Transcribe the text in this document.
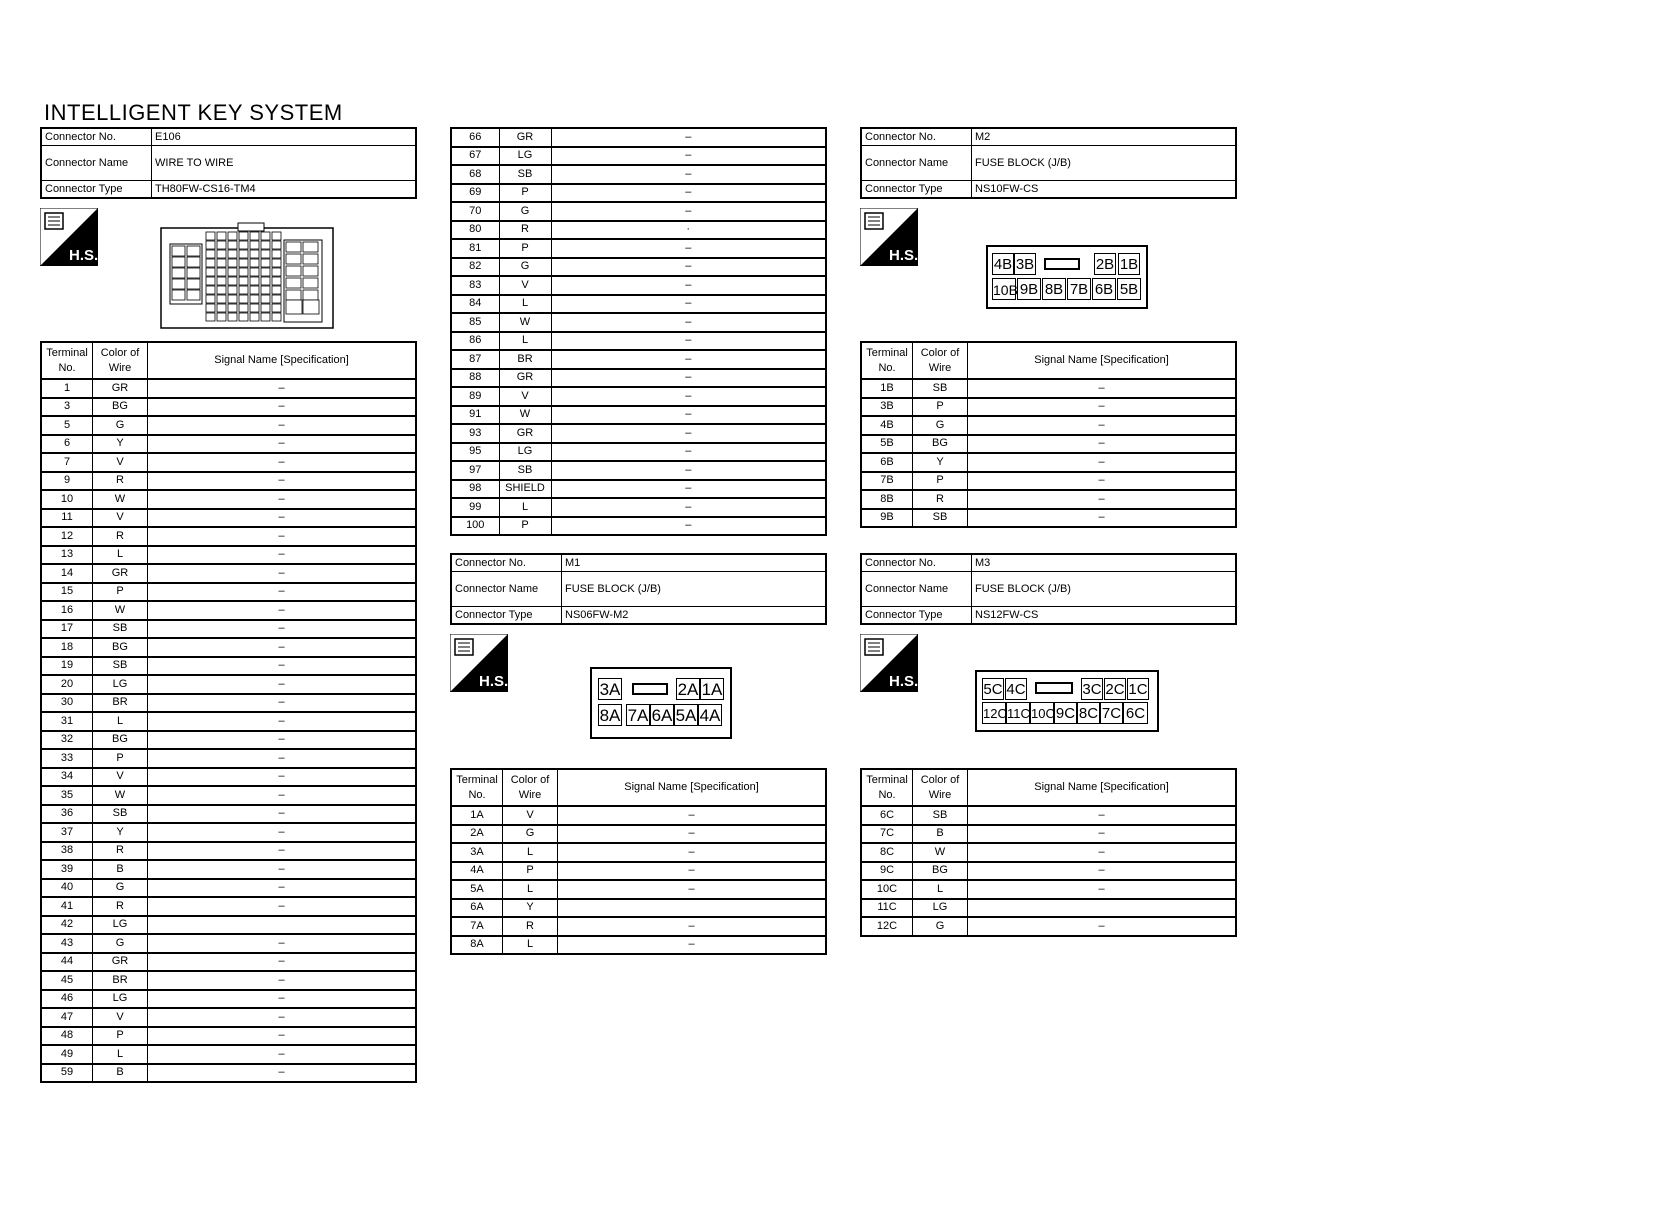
INTELLIGENT KEY SYSTEM
Connector No.	E106
Connector Name	WIRE TO WIRE
Connector Type	TH80FW-CS16-TM4
H.S.
Terminal No.	Color of Wire	Signal Name [Specification]
1	GR	–
3	BG	–
5	G	–
6	Y	–
7	V	–
9	R	–
10	W	–
11	V	–
12	R	–
13	L	–
14	GR	–
15	P	–
16	W	–
17	SB	–
18	BG	–
19	SB	–
20	LG	–
30	BR	–
31	L	–
32	BG	–
33	P	–
34	V	–
35	W	–
36	SB	–
37	Y	–
38	R	–
39	B	–
40	G	–
41	R	–
42	LG	
43	G	–
44	GR	–
45	BR	–
46	LG	–
47	V	–
48	P	–
49	L	–
59	B	–
66	GR	–
67	LG	–
68	SB	–
69	P	–
70	G	–
80	R	·
81	P	–
82	G	–
83	V	–
84	L	–
85	W	–
86	L	–
87	BR	–
88	GR	–
89	V	–
91	W	–
93	GR	–
95	LG	–
97	SB	–
98	SHIELD	–
99	L	–
100	P	–
Connector No.	M1
Connector Name	FUSE BLOCK (J/B)
Connector Type	NS06FW-M2
H.S.	3A	2A 1A
8A 7A 6A 5A 4A
Terminal No.	Color of Wire	Signal Name [Specification]
1A	V	–
2A	G	–
3A	L	–
4A	P	–
5A	L	–
6A	Y	
7A	R	–
8A	L	–
Connector No.	M2
Connector Name	FUSE BLOCK (J/B)
Connector Type	NS10FW-CS
H.S.
4B 3B	2B 1B
10B 9B 8B 7B 6B 5B
Terminal No.	Color of Wire	Signal Name [Specification]
1B	SB	–
3B	P	–
4B	G	–
5B	BG	–
6B	Y	–
7B	P	–
8B	R	–
9B	SB	–
Connector No.	M3
Connector Name	FUSE BLOCK (J/B)
Connector Type	NS12FW-CS
H.S.	5C 4C	3C 2C 1C
12C 11C 10C 9C 8C 7C 6C
Terminal No.	Color of Wire	Signal Name [Specification]
6C	SB	–
7C	B	–
8C	W	–
9C	BG	–
10C	L	–
11C	LG	
12C	G	–
